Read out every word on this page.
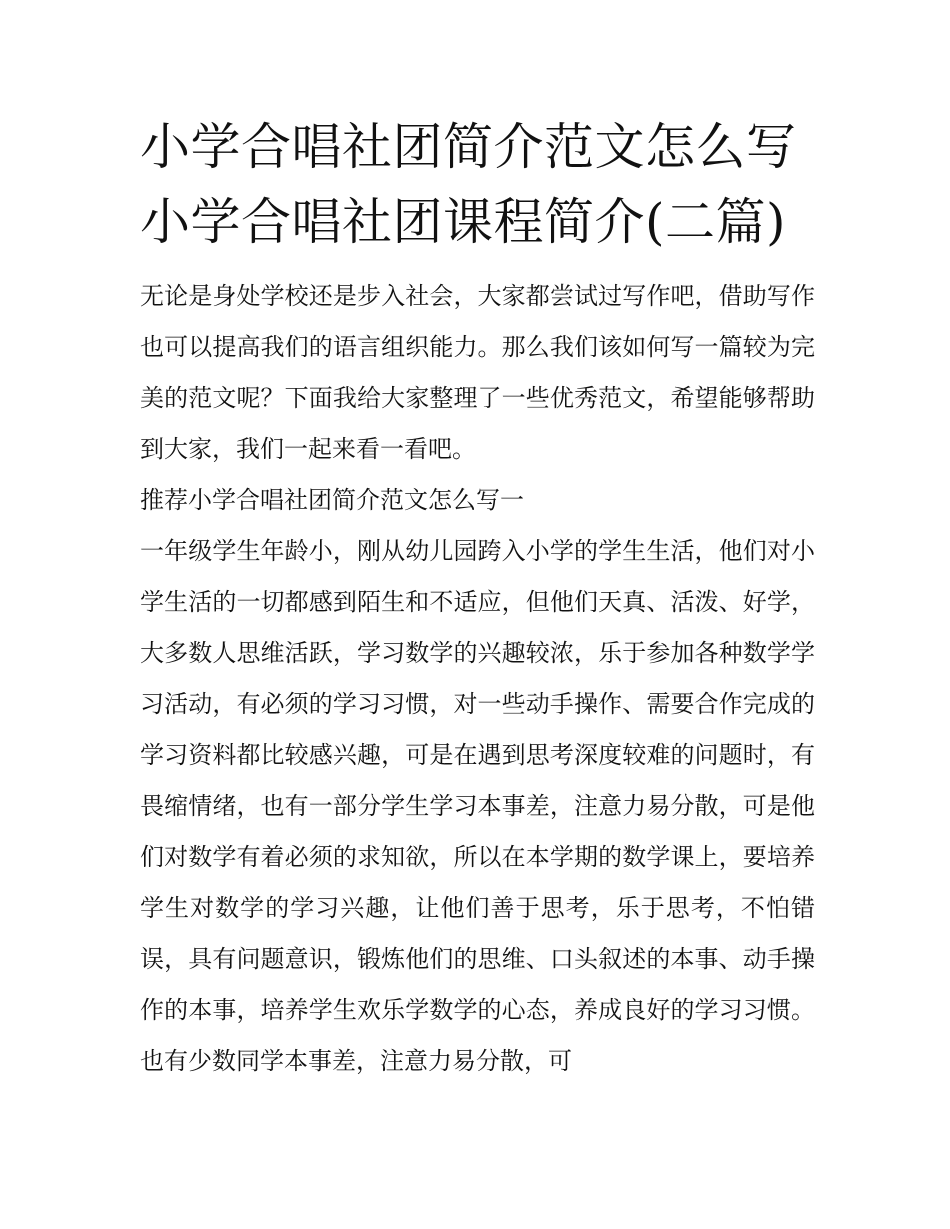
小学合唱社团简介范文怎么写
小学合唱社团课程简介(二篇)

无论是身处学校还是步入社会，大家都尝试过写作吧，借助写作也可以提高我们的语言组织能力。那么我们该如何写一篇较为完美的范文呢？下面我给大家整理了一些优秀范文，希望能够帮助到大家，我们一起来看一看吧。

推荐小学合唱社团简介范文怎么写一

一年级学生年龄小，刚从幼儿园跨入小学的学生生活，他们对小学生活的一切都感到陌生和不适应，但他们天真、活泼、好学，大多数人思维活跃，学习数学的兴趣较浓，乐于参加各种数学学习活动，有必须的学习习惯，对一些动手操作、需要合作完成的学习资料都比较感兴趣，可是在遇到思考深度较难的问题时，有畏缩情绪，也有一部分学生学习本事差，注意力易分散，可是他们对数学有着必须的求知欲，所以在本学期的数学课上，要培养学生对数学的学习兴趣，让他们善于思考，乐于思考，不怕错误，具有问题意识，锻炼他们的思维、口头叙述的本事、动手操作的本事，培养学生欢乐学数学的心态，养成良好的学习习惯。也有少数同学本事差，注意力易分散，可
